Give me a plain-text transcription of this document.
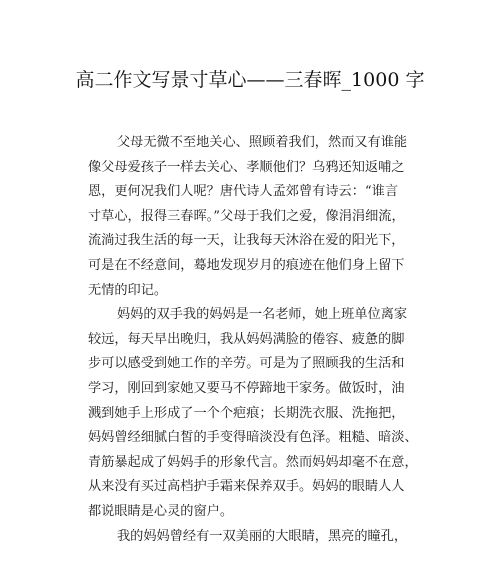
高二作文写景寸草心——三春晖_1000 字
父母无微不至地关心、照顾着我们，然而又有谁能
像父母爱孩子一样去关心、孝顺他们？乌鸦还知返哺之
恩，更何况我们人呢？唐代诗人孟郊曾有诗云：“谁言
寸草心，报得三春晖。”父母于我们之爱，像涓涓细流，
流淌过我生活的每一天，让我每天沐浴在爱的阳光下，
可是在不经意间，蓦地发现岁月的痕迹在他们身上留下
无情的印记。
妈妈的双手我的妈妈是一名老师，她上班单位离家
较远，每天早出晚归，我从妈妈满脸的倦容、疲惫的脚
步可以感受到她工作的辛劳。可是为了照顾我的生活和
学习，刚回到家她又要马不停蹄地干家务。做饭时，油
溅到她手上形成了一个个疤痕；长期洗衣服、洗拖把，
妈妈曾经细腻白皙的手变得暗淡没有色泽。粗糙、暗淡、
青筋暴起成了妈妈手的形象代言。然而妈妈却毫不在意，
从来没有买过高档护手霜来保养双手。妈妈的眼睛人人
都说眼睛是心灵的窗户。
我的妈妈曾经有一双美丽的大眼睛，黑亮的瞳孔，
